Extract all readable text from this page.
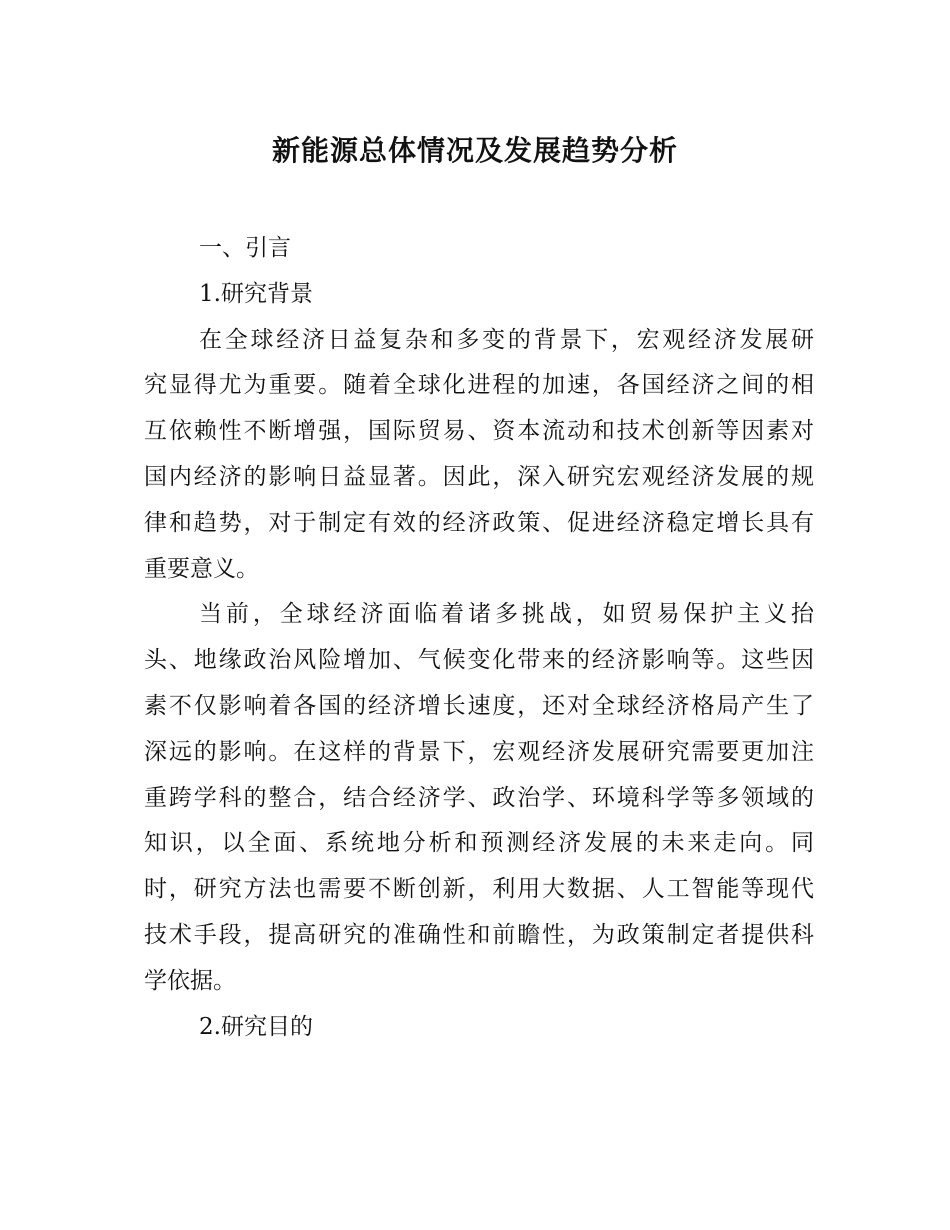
新能源总体情况及发展趋势分析
一、引言
1.研究背景
在全球经济日益复杂和多变的背景下，宏观经济发展研
究显得尤为重要。随着全球化进程的加速，各国经济之间的相
互依赖性不断增强，国际贸易、资本流动和技术创新等因素对
国内经济的影响日益显著。因此，深入研究宏观经济发展的规
律和趋势，对于制定有效的经济政策、促进经济稳定增长具有
重要意义。
当前，全球经济面临着诸多挑战，如贸易保护主义抬
头、地缘政治风险增加、气候变化带来的经济影响等。这些因
素不仅影响着各国的经济增长速度，还对全球经济格局产生了
深远的影响。在这样的背景下，宏观经济发展研究需要更加注
重跨学科的整合，结合经济学、政治学、环境科学等多领域的
知识，以全面、系统地分析和预测经济发展的未来走向。同
时，研究方法也需要不断创新，利用大数据、人工智能等现代
技术手段，提高研究的准确性和前瞻性，为政策制定者提供科
学依据。
2.研究目的
